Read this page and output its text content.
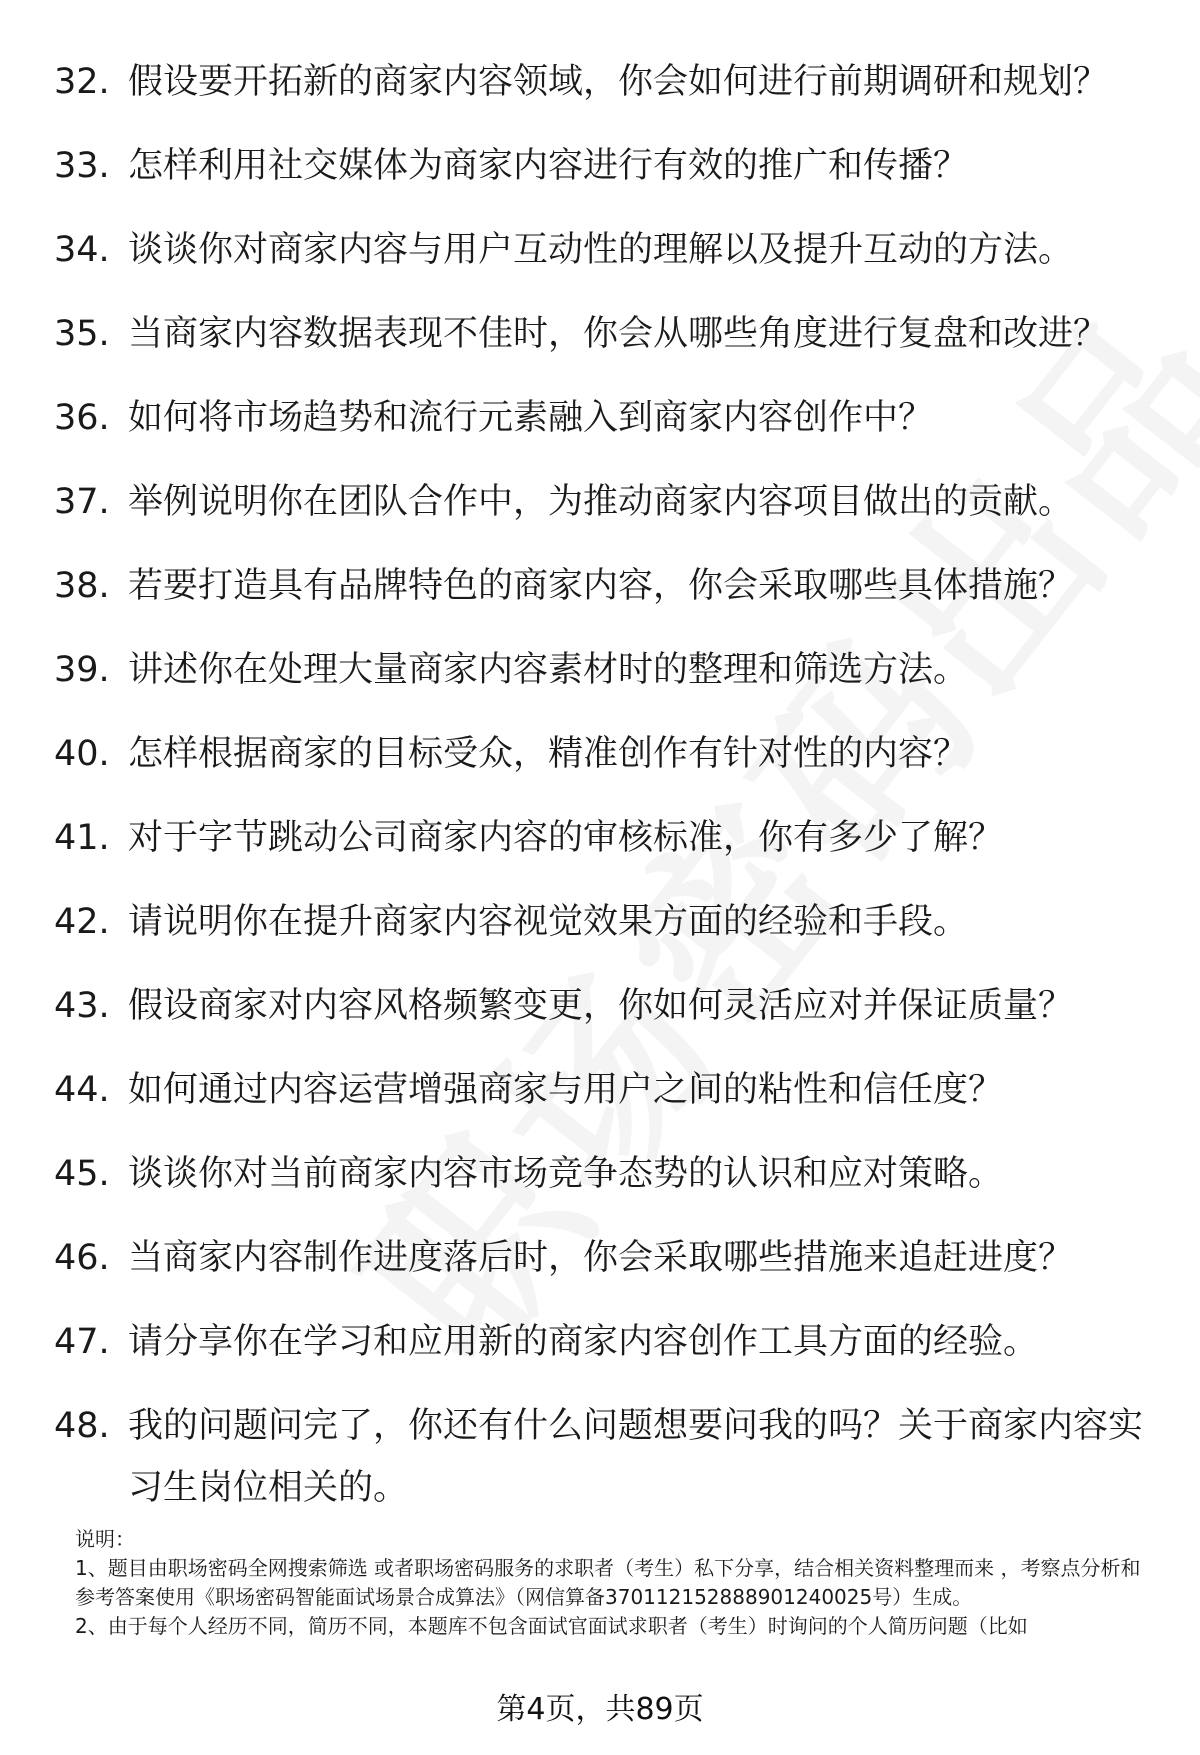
32. 假设要开拓新的商家内容领域，你会如何进行前期调研和规划？
33. 怎样利用社交媒体为商家内容进行有效的推广和传播？
34. 谈谈你对商家内容与用户互动性的理解以及提升互动的方法。
35. 当商家内容数据表现不佳时，你会从哪些角度进行复盘和改进？
36. 如何将市场趋势和流行元素融入到商家内容创作中？
37. 举例说明你在团队合作中，为推动商家内容项目做出的贡献。
38. 若要打造具有品牌特色的商家内容，你会采取哪些具体措施？
39. 讲述你在处理大量商家内容素材时的整理和筛选方法。
40. 怎样根据商家的目标受众，精准创作有针对性的内容？
41. 对于字节跳动公司商家内容的审核标准，你有多少了解？
42. 请说明你在提升商家内容视觉效果方面的经验和手段。
43. 假设商家对内容风格频繁变更，你如何灵活应对并保证质量？
44. 如何通过内容运营增强商家与用户之间的粘性和信任度？
45. 谈谈你对当前商家内容市场竞争态势的认识和应对策略。
46. 当商家内容制作进度落后时，你会采取哪些措施来追赶进度？
47. 请分享你在学习和应用新的商家内容创作工具方面的经验。
48. 我的问题问完了，你还有什么问题想要问我的吗？关于商家内容实习生岗位相关的。

说明：

1、题目由职场密码全网搜索筛选 或者职场密码服务的求职者（考生）私下分享，结合相关资料整理而来 ，考察点分析和参考答案使用《职场密码智能面试场景合成算法》（网信算备370112152888901240025号）生成。

2、由于每个人经历不同，简历不同，本题库不包含面试官面试求职者（考生）时询问的个人简历问题（比如

第4页，共89页
